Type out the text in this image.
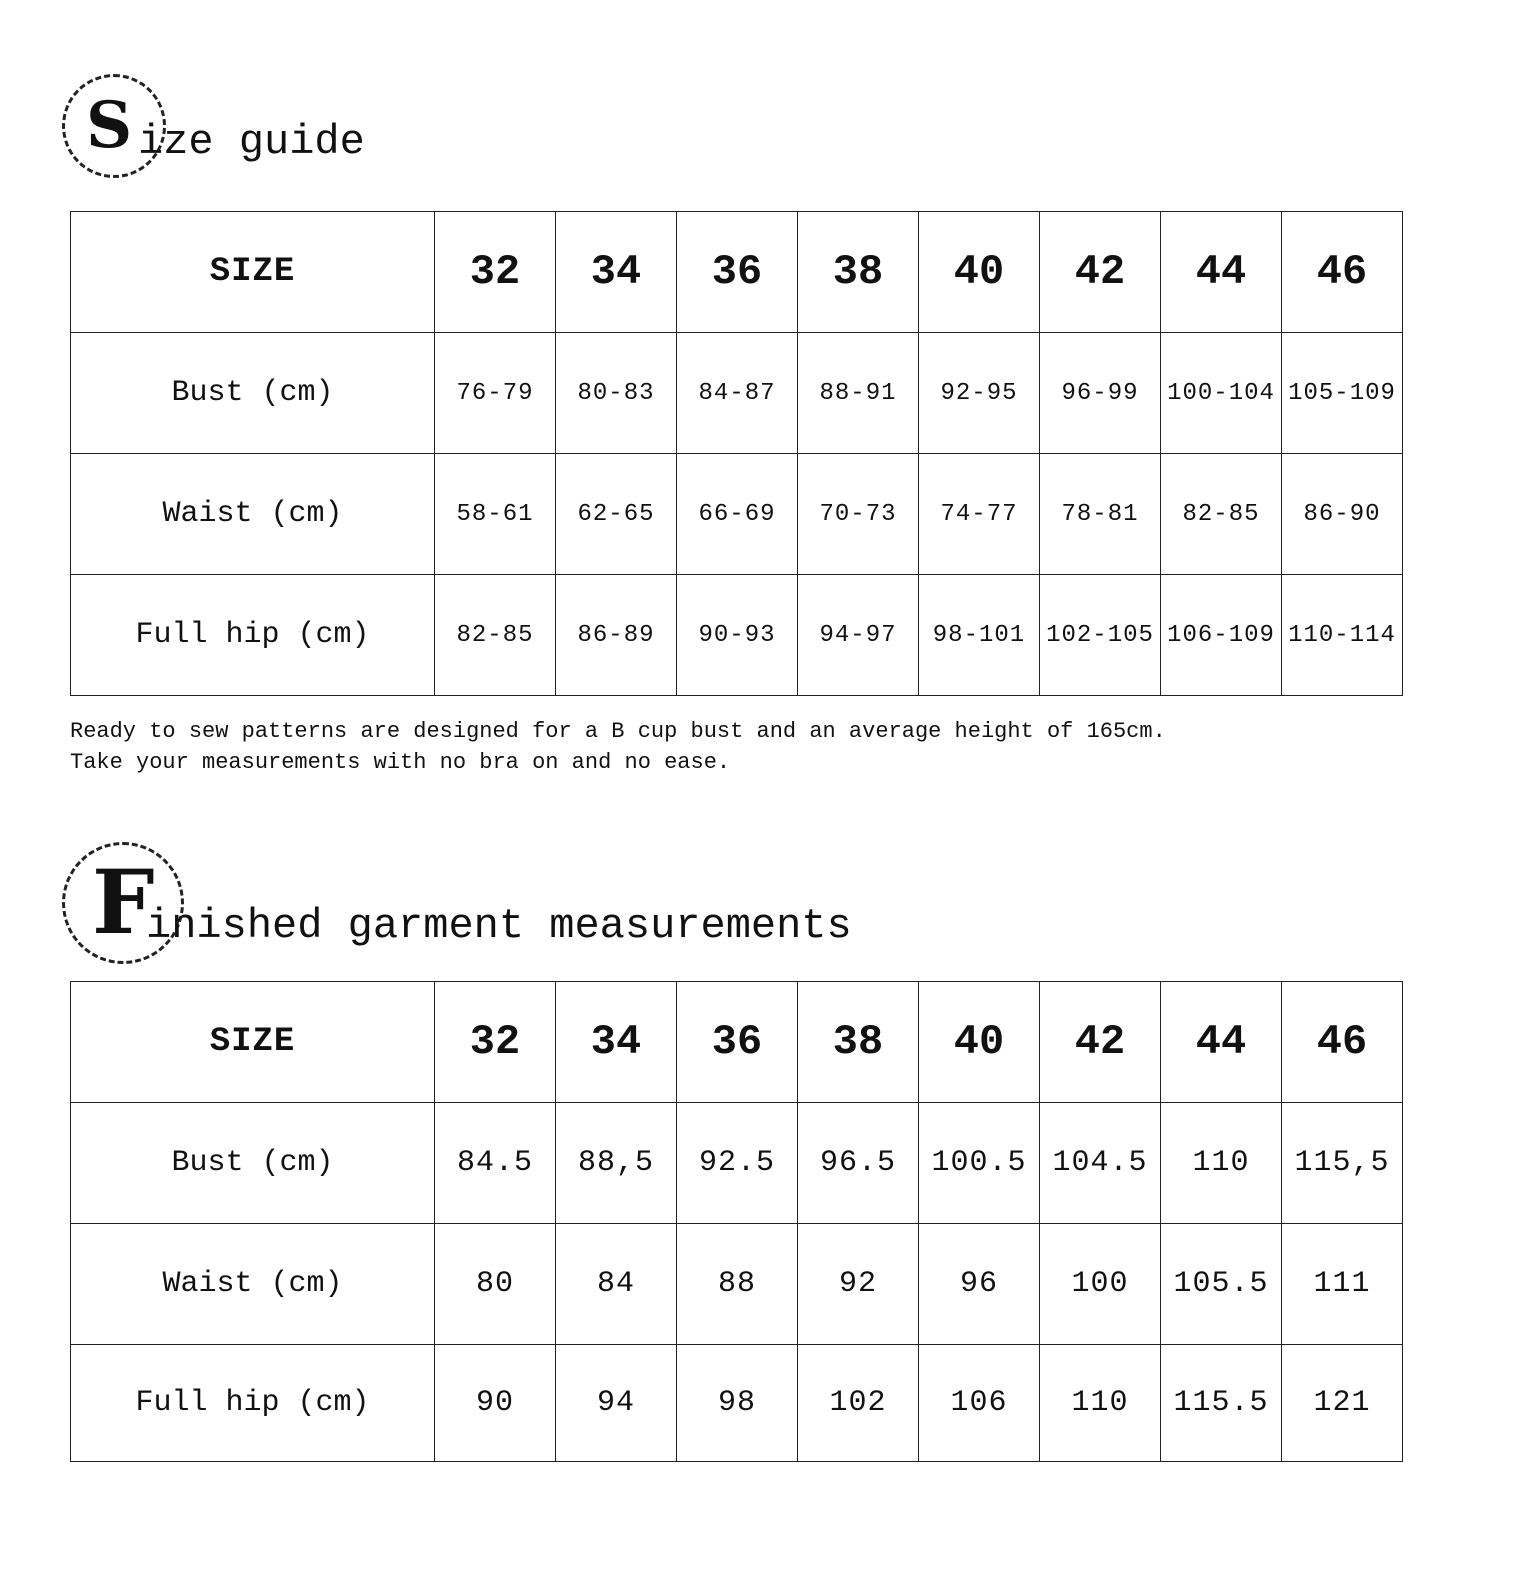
S ize guide
SIZE	32	34	36	38	40	42	44	46
Bust (cm)	76-79	80-83	84-87	88-91	92-95	96-99	100-104	105-109
Waist (cm)	58-61	62-65	66-69	70-73	74-77	78-81	82-85	86-90
Full hip (cm)	82-85	86-89	90-93	94-97	98-101	102-105	106-109	110-114
Ready to sew patterns are designed for a B cup bust and an average height of 165cm.
Take your measurements with no bra on and no ease.
F
inished garment measurements
SIZE	32	34	36	38	40	42	44	46
Bust (cm)	84.5	88,5	92.5	96.5	100.5	104.5	110	115,5
Waist (cm)	80	84	88	92	96	100	105.5	111
Full hip (cm)	90	94	98	102	106	110	115.5	121
